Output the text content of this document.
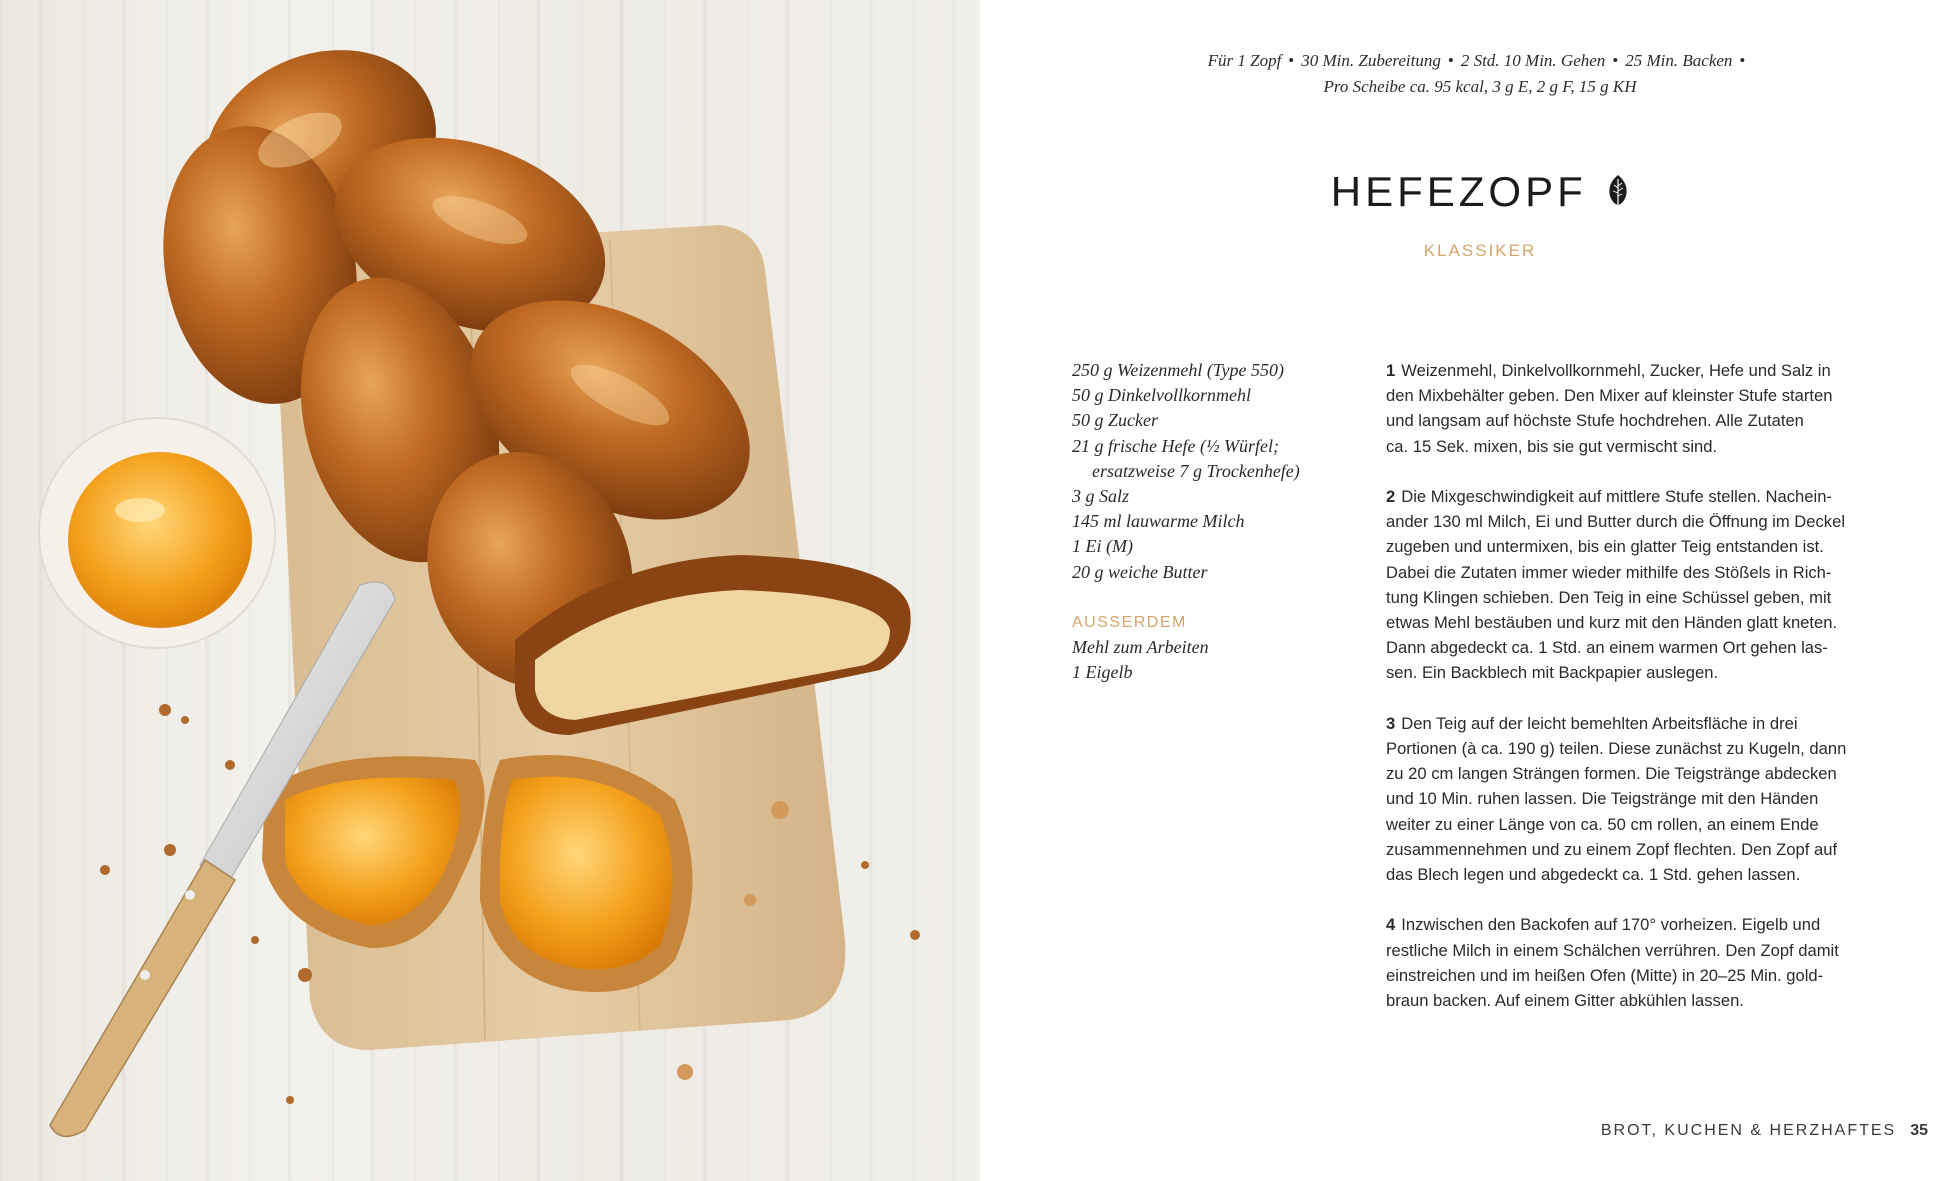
Für 1 Zopf • 30 Min. Zubereitung • 2 Std. 10 Min. Gehen • 25 Min. Backen •
Pro Scheibe ca. 95 kcal, 3 g E, 2 g F, 15 g KH
HEFEZOPF
KLASSIKER
250 g Weizenmehl (Type 550)
50 g Dinkelvollkornmehl
50 g Zucker
21 g frische Hefe (½ Würfel;
ersatzweise 7 g Trockenhefe)
3 g Salz
145 ml lauwarme Milch
1 Ei (M)
20 g weiche Butter
AUSSERDEM
Mehl zum Arbeiten
1 Eigelb
1 Weizenmehl, Dinkelvollkornmehl, Zucker, Hefe und Salz in
den Mixbehälter geben. Den Mixer auf kleinster Stufe starten
und langsam auf höchste Stufe hochdrehen. Alle Zutaten
ca. 15 Sek. mixen, bis sie gut vermischt sind.
2 Die Mixgeschwindigkeit auf mittlere Stufe stellen. Nachein-
ander 130 ml Milch, Ei und Butter durch die Öffnung im Deckel
zugeben und untermixen, bis ein glatter Teig entstanden ist.
Dabei die Zutaten immer wieder mithilfe des Stößels in Rich-
tung Klingen schieben. Den Teig in eine Schüssel geben, mit
etwas Mehl bestäuben und kurz mit den Händen glatt kneten.
Dann abgedeckt ca. 1 Std. an einem warmen Ort gehen las-
sen. Ein Backblech mit Backpapier auslegen.
3 Den Teig auf der leicht bemehlten Arbeitsfläche in drei
Portionen (à ca. 190 g) teilen. Diese zunächst zu Kugeln, dann
zu 20 cm langen Strängen formen. Die Teigstränge abdecken
und 10 Min. ruhen lassen. Die Teigstränge mit den Händen
weiter zu einer Länge von ca. 50 cm rollen, an einem Ende
zusammennehmen und zu einem Zopf flechten. Den Zopf auf
das Blech legen und abgedeckt ca. 1 Std. gehen lassen.
4 Inzwischen den Backofen auf 170° vorheizen. Eigelb und
restliche Milch in einem Schälchen verrühren. Den Zopf damit
einstreichen und im heißen Ofen (Mitte) in 20–25 Min. gold-
braun backen. Auf einem Gitter abkühlen lassen.
BROT, KUCHEN & HERZHAFTES 35
